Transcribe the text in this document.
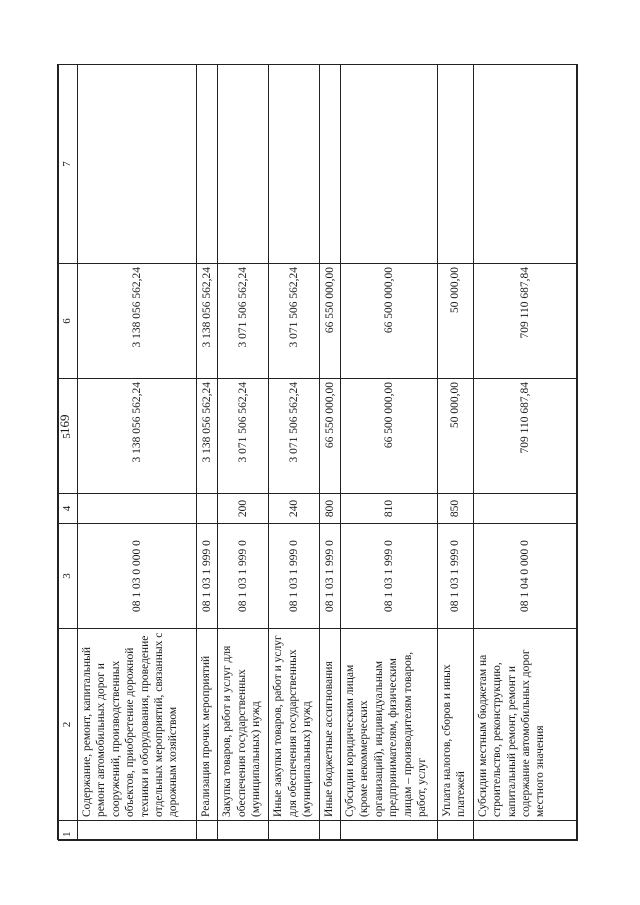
169
1	2	3	4	5	6	7
	Содержание, ремонт, капитальный ремонт автомобильных дорог и сооружений, производственных объектов, приобретение дорожной техники и оборудования, проведение отдельных мероприятий, связанных с дорожным хозяйством	08 1 03 0 000 0		3 138 056 562,24	3 138 056 562,24	
	Реализация прочих мероприятий	08 1 03 1 999 0		3 138 056 562,24	3 138 056 562,24	
	Закупка товаров, работ и услуг для обеспечения государственных (муниципальных) нужд	08 1 03 1 999 0	200	3 071 506 562,24	3 071 506 562,24	
	Иные закупки товаров, работ и услуг для обеспечения государственных (муниципальных) нужд	08 1 03 1 999 0	240	3 071 506 562,24	3 071 506 562,24	
	Иные бюджетные ассигнования	08 1 03 1 999 0	800	66 550 000,00	66 550 000,00	
	Субсидии юридическим лицам (кроме некоммерческих организаций), индивидуальным предпринимателям, физическим лицам – производителям товаров, работ, услуг	08 1 03 1 999 0	810	66 500 000,00	66 500 000,00	
	Уплата налогов, сборов и иных платежей	08 1 03 1 999 0	850	50 000,00	50 000,00	
	Субсидии местным бюджетам на строительство, реконструкцию, капитальный ремонт, ремонт и содержание автомобильных дорог местного значения	08 1 04 0 000 0		709 110 687,84	709 110 687,84	
